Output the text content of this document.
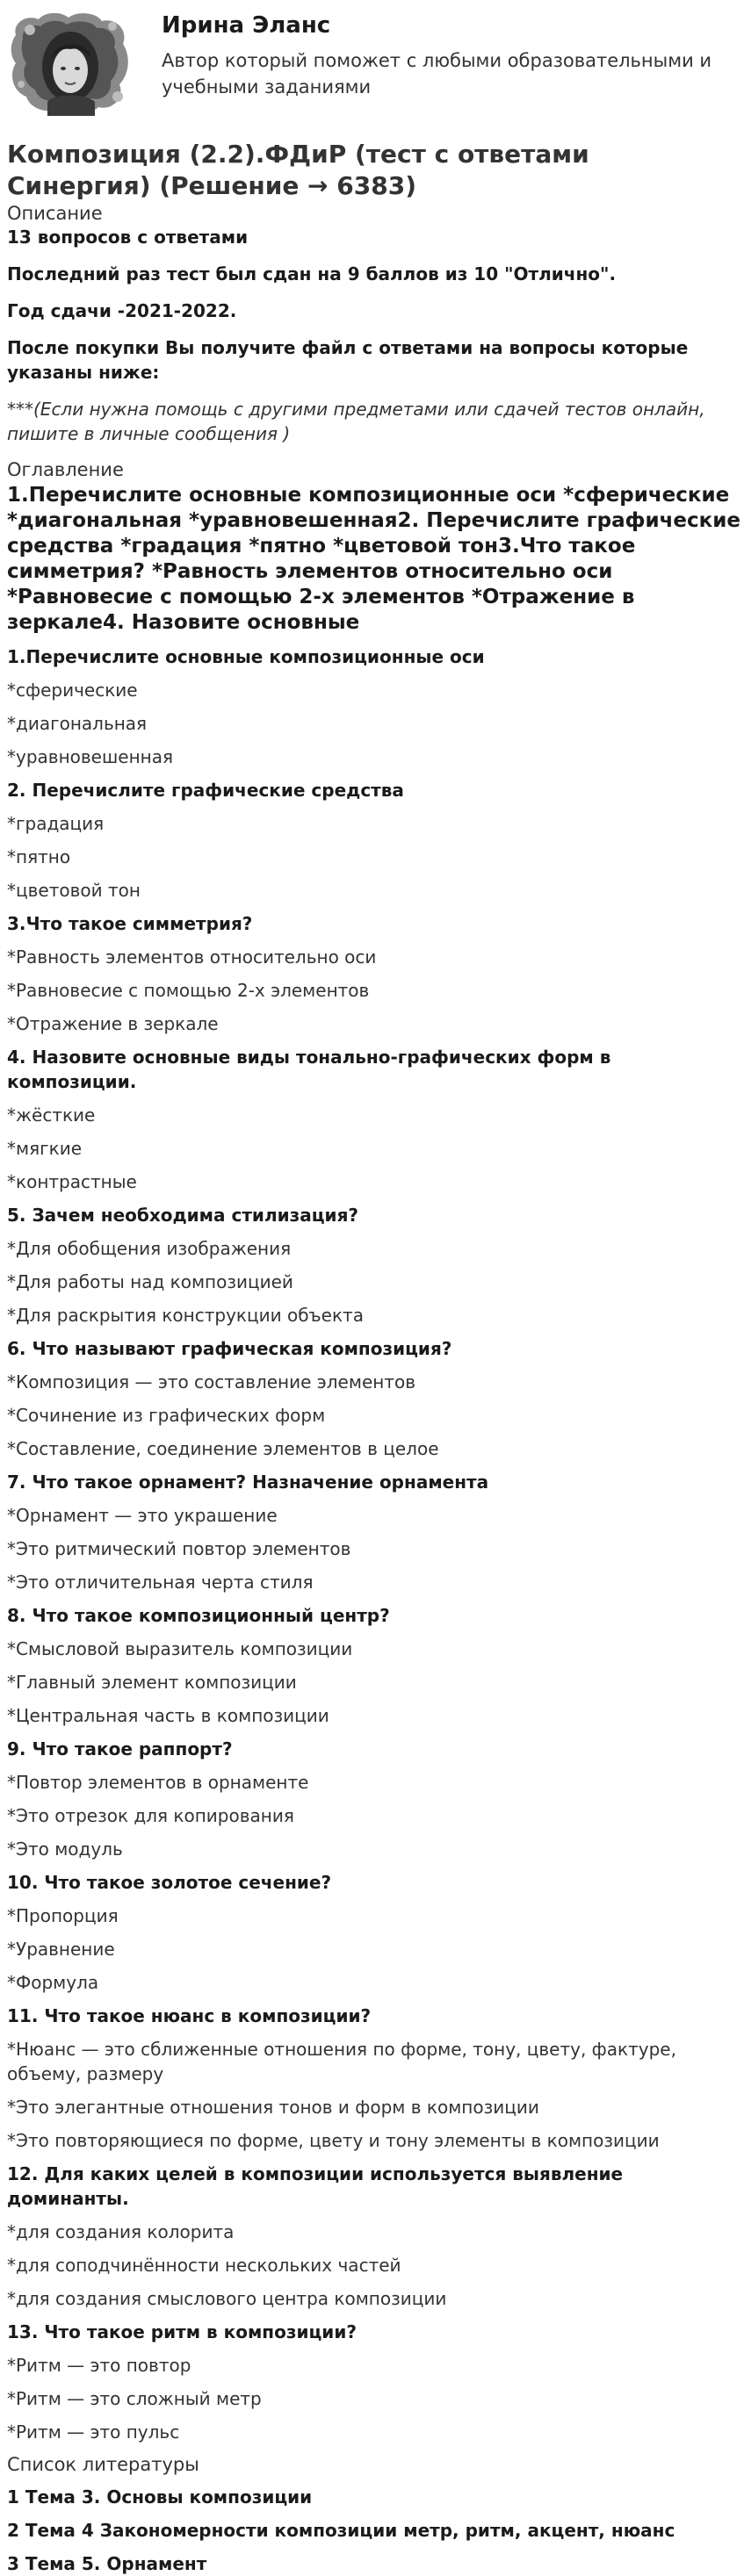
Ирина Эланс
Автор который поможет с любыми образовательными и учебными заданиями
Композиция (2.2).ФДиР (тест с ответами Синергия) (Решение → 6383)
Описание
13 вопросов с ответами
Последний раз тест был сдан на 9 баллов из 10 "Отлично".
Год сдачи -2021-2022.
После покупки Вы получите файл с ответами на вопросы которые указаны ниже:
***(Если нужна помощь с другими предметами или сдачей тестов онлайн, пишите в личные сообщения )
Оглавление
1.Перечислите основные композиционные оси *сферические *диагональная *уравновешенная2. Перечислите графические средства *градация *пятно *цветовой тон3.Что такое симметрия? *Равность элементов относительно оси *Равновесие с помощью 2-х элементов *Отражение в зеркале4. Назовите основные
1.Перечислите основные композиционные оси
*сферические
*диагональная
*уравновешенная
2. Перечислите графические средства
*градация
*пятно
*цветовой тон
3.Что такое симметрия?
*Равность элементов относительно оси
*Равновесие с помощью 2-х элементов
*Отражение в зеркале
4. Назовите основные виды тонально-графических форм в композиции.
*жёсткие
*мягкие
*контрастные
5. Зачем необходима стилизация?
*Для обобщения изображения
*Для работы над композицией
*Для раскрытия конструкции объекта
6. Что называют графическая композиция?
*Композиция — это составление элементов
*Сочинение из графических форм
*Составление, соединение элементов в целое
7. Что такое орнамент? Назначение орнамента
*Орнамент — это украшение
*Это ритмический повтор элементов
*Это отличительная черта стиля
8. Что такое композиционный центр?
*Смысловой выразитель композиции
*Главный элемент композиции
*Центральная часть в композиции
9. Что такое раппорт?
*Повтор элементов в орнаменте
*Это отрезок для копирования
*Это модуль
10. Что такое золотое сечение?
*Пропорция
*Уравнение
*Формула
11. Что такое нюанс в композиции?
*Нюанс — это сближенные отношения по форме, тону, цвету, фактуре, объему, размеру
*Это элегантные отношения тонов и форм в композиции
*Это повторяющиеся по форме, цвету и тону элементы в композиции
12. Для каких целей в композиции используется выявление доминанты.
*для создания колорита
*для соподчинённости нескольких частей
*для создания смыслового центра композиции
13. Что такое ритм в композиции?
*Ритм — это повтор
*Ритм — это сложный метр
*Ритм — это пульс
Список литературы
1 Тема 3. Основы композиции
2 Тема 4 Закономерности композиции метр, ритм, акцент, нюанс
3 Тема 5. Орнамент
